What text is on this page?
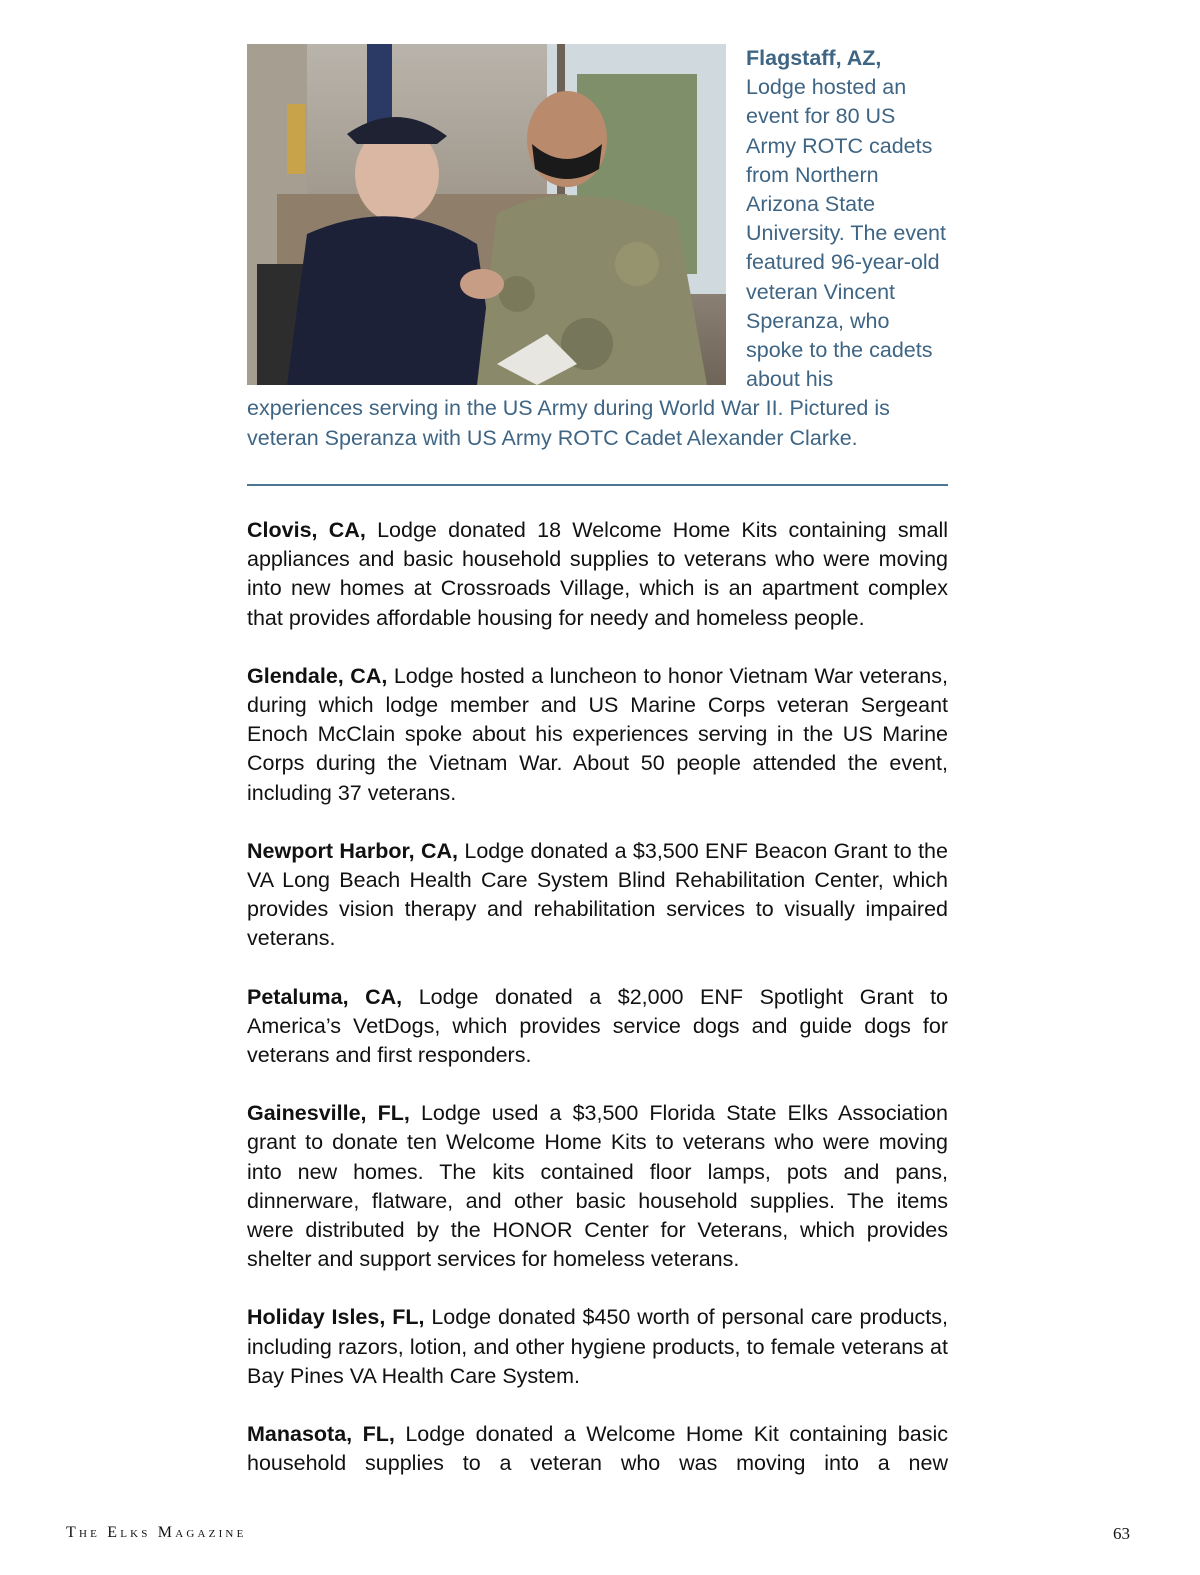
Flagstaff, AZ,
Lodge hosted an event for 80 US Army ROTC cadets from Northern Arizona State University. The event featured 96-year-old veteran Vincent Speranza, who spoke to the cadets about his experiences serving in the US Army during World War II. Pictured is veteran Speranza with US Army ROTC Cadet Alexander Clarke.

Clovis, CA, Lodge donated 18 Welcome Home Kits containing small appliances and basic household supplies to veterans who were moving into new homes at Crossroads Village, which is an apartment complex that provides affordable housing for needy and homeless people.

Glendale, CA, Lodge hosted a luncheon to honor Vietnam War veterans, during which lodge member and US Marine Corps veteran Sergeant Enoch McClain spoke about his experiences serving in the US Marine Corps during the Vietnam War. About 50 people attended the event, including 37 veterans.

Newport Harbor, CA, Lodge donated a $3,500 ENF Beacon Grant to the VA Long Beach Health Care System Blind Rehabilitation Center, which provides vision therapy and rehabilitation services to visually impaired veterans.

Petaluma, CA, Lodge donated a $2,000 ENF Spotlight Grant to America’s VetDogs, which provides service dogs and guide dogs for veterans and first responders.

Gainesville, FL, Lodge used a $3,500 Florida State Elks Association grant to donate ten Welcome Home Kits to veterans who were moving into new homes. The kits contained floor lamps, pots and pans, dinnerware, flatware, and other basic household supplies. The items were distributed by the HONOR Center for Veterans, which provides shelter and support services for homeless veterans.

Holiday Isles, FL, Lodge donated $450 worth of personal care products, including razors, lotion, and other hygiene products, to female veterans at Bay Pines VA Health Care System.

Manasota, FL, Lodge donated a Welcome Home Kit containing basic household supplies to a veteran who was moving into a new

The Elks Magazine	63
